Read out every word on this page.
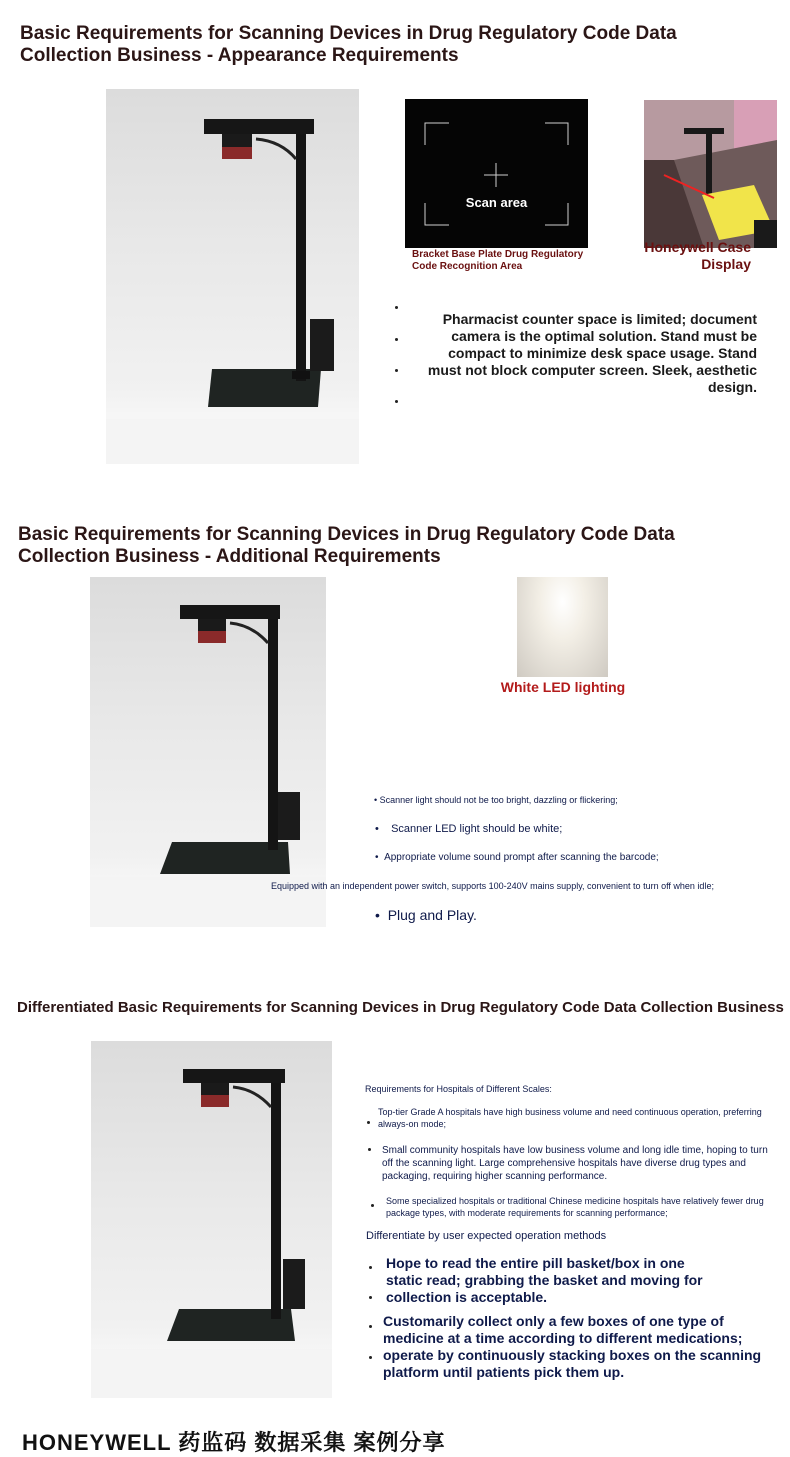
Basic Requirements for Scanning Devices in Drug Regulatory Code Data Collection Business - Appearance Requirements
Scan area
Bracket Base Plate Drug Regulatory Code Recognition Area
Honeywell Case Display
Pharmacist counter space is limited; document camera is the optimal solution. Stand must be compact to minimize desk space usage. Stand must not block computer screen. Sleek, aesthetic design.
Basic Requirements for Scanning Devices in Drug Regulatory Code Data Collection Business - Additional Requirements
White LED lighting
• Scanner light should not be too bright, dazzling or flickering;
•    Scanner LED light should be white;
•  Appropriate volume sound prompt after scanning the barcode;
Equipped with an independent power switch, supports 100-240V mains supply, convenient to turn off when idle;
•  Plug and Play.
Differentiated Basic Requirements for Scanning Devices in Drug Regulatory Code Data Collection Business
Requirements for Hospitals of Different Scales:
Top-tier Grade A hospitals have high business volume and need continuous operation, preferring always-on mode;
Small community hospitals have low business volume and long idle time, hoping to turn off the scanning light. Large comprehensive hospitals have diverse drug types and packaging, requiring higher scanning performance.
Some specialized hospitals or traditional Chinese medicine hospitals have relatively fewer drug package types, with moderate requirements for scanning performance;
Differentiate by user expected operation methods
Hope to read the entire pill basket/box in one static read; grabbing the basket and moving for collection is acceptable.
Customarily collect only a few boxes of one type of medicine at a time according to different medications; operate by continuously stacking boxes on the scanning platform until patients pick them up.
HONEYWELL 药监码 数据采集 案例分享
